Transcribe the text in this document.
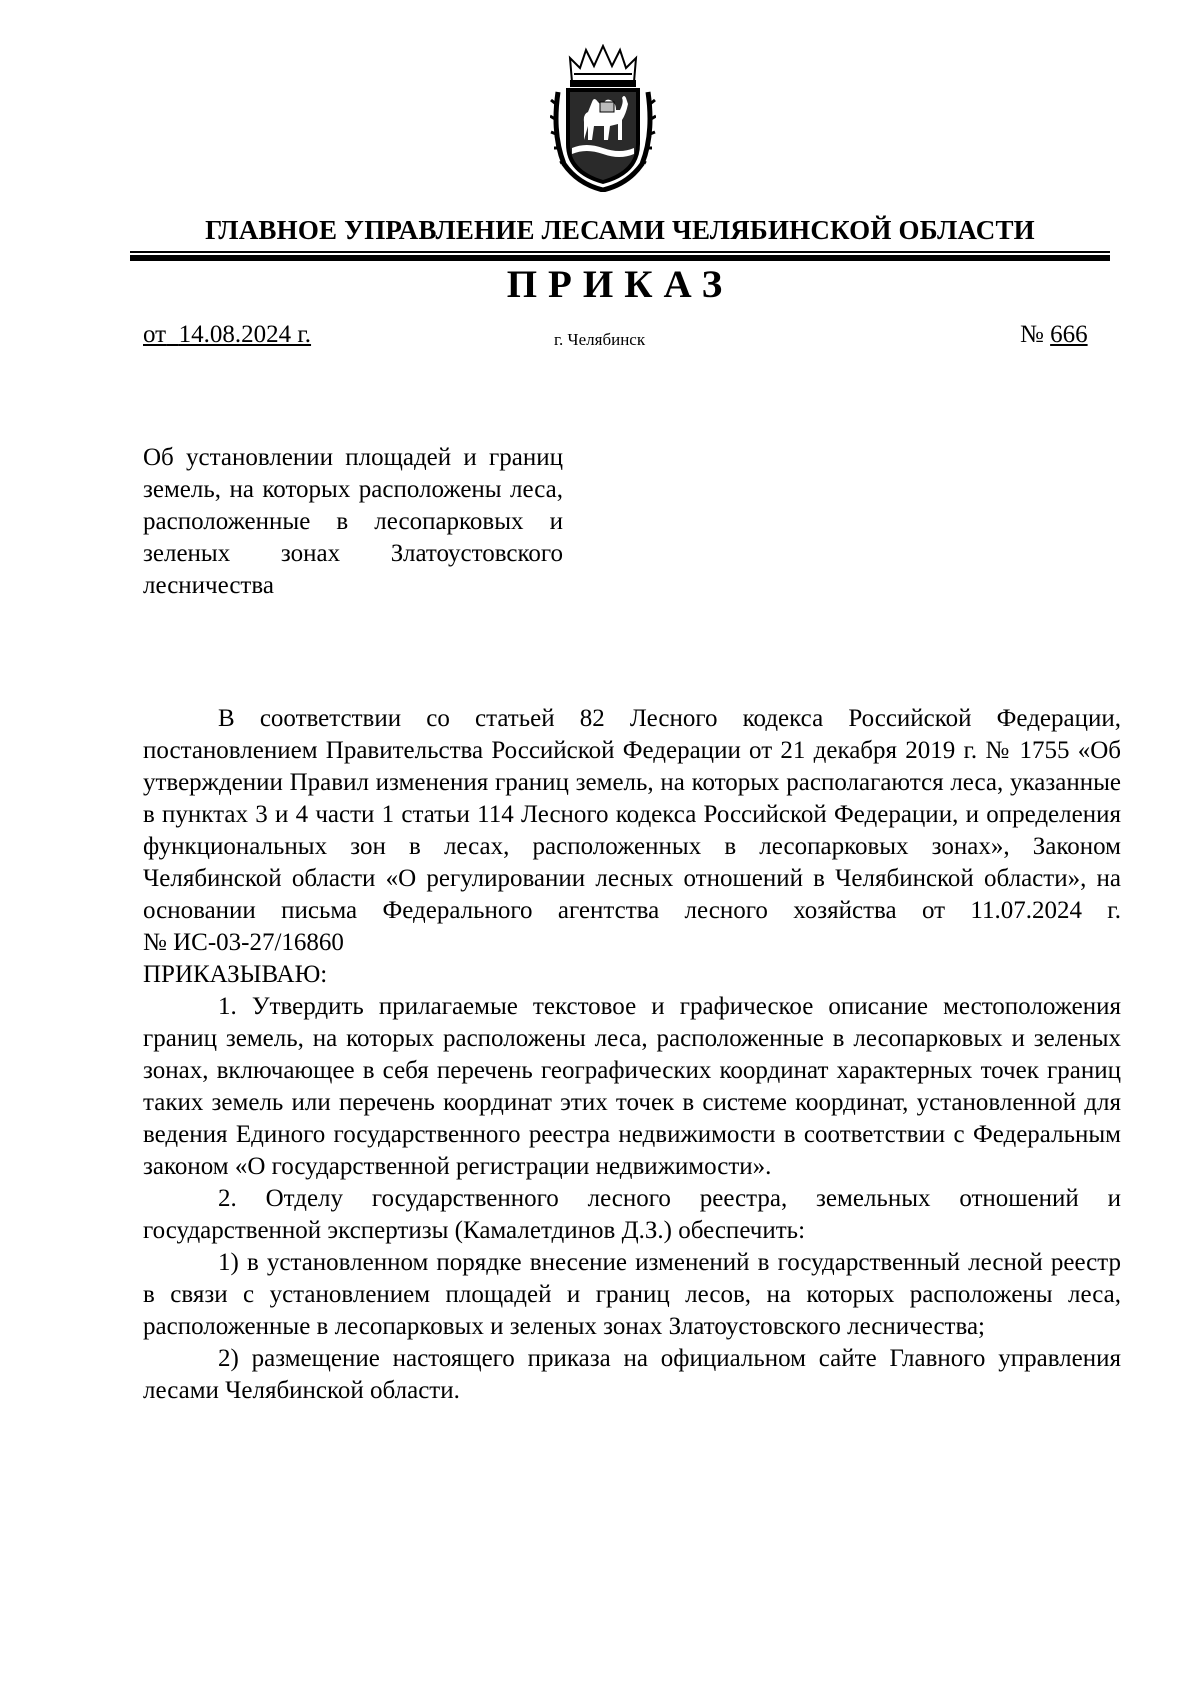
ГЛАВНОЕ УПРАВЛЕНИЕ ЛЕСАМИ ЧЕЛЯБИНСКОЙ ОБЛАСТИ
ПРИКАЗ
от 14.08.2024 г.	г. Челябинск	№ 666
Об установлении площадей и границ земель, на которых расположены леса, расположенные в лесопарковых и зеленых зонах Златоустовского лесничества

В соответствии со статьей 82 Лесного кодекса Российской Федерации, постановлением Правительства Российской Федерации от 21 декабря 2019 г. № 1755 «Об утверждении Правил изменения границ земель, на которых располагаются леса, указанные в пунктах 3 и 4 части 1 статьи 114 Лесного кодекса Российской Федерации, и определения функциональных зон в лесах, расположенных в лесопарковых зонах», Законом Челябинской области «О регулировании лесных отношений в Челябинской области», на основании письма Федерального агентства лесного хозяйства от 11.07.2024 г.

№ ИС-03-27/16860

ПРИКАЗЫВАЮ:

1. Утвердить прилагаемые текстовое и графическое описание местоположения границ земель, на которых расположены леса, расположенные в лесопарковых и зеленых зонах, включающее в себя перечень географических координат характерных точек границ таких земель или перечень координат этих точек в системе координат, установленной для ведения Единого государственного реестра недвижимости в соответствии с Федеральным законом «О государственной регистрации недвижимости».

2. Отделу государственного лесного реестра, земельных отношений и государственной экспертизы (Камалетдинов Д.З.) обеспечить:

1) в установленном порядке внесение изменений в государственный лесной реестр в связи с установлением площадей и границ лесов, на которых расположены леса, расположенные в лесопарковых и зеленых зонах Златоустовского лесничества;

2) размещение настоящего приказа на официальном сайте Главного управления лесами Челябинской области.
